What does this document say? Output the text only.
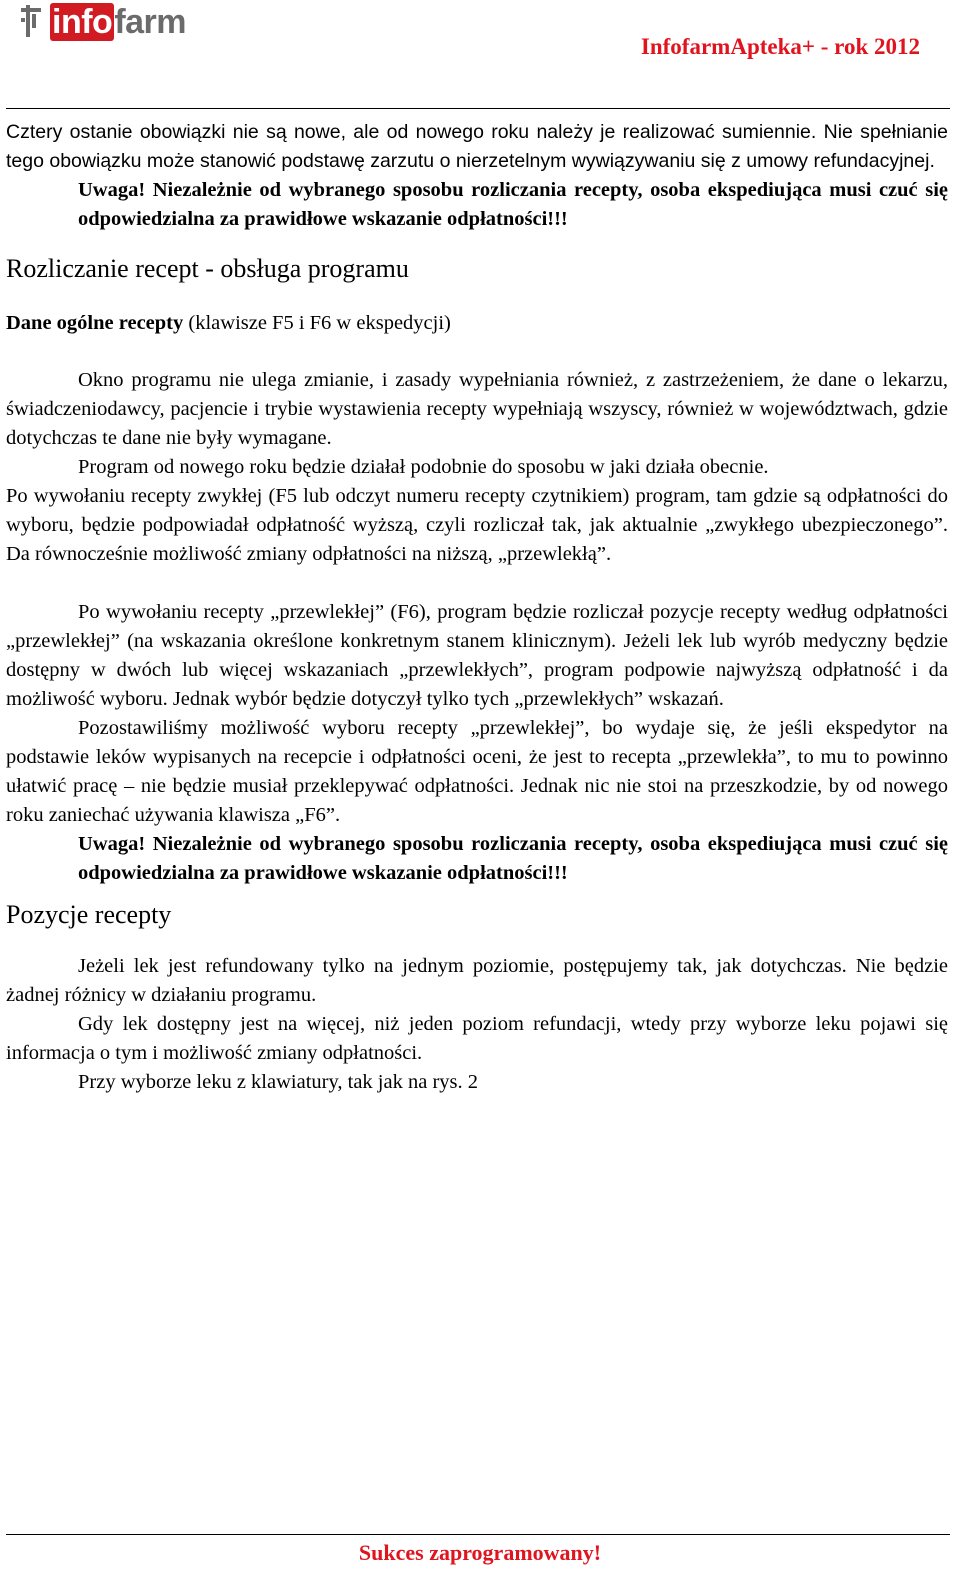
infofarm
InfofarmApteka+ - rok 2012

Cztery ostanie obowiązki nie są nowe, ale od nowego roku należy je realizować sumiennie. Nie spełnianie tego obowiązku może stanowić podstawę zarzutu o nierzetelnym wywiązywaniu się z umowy refundacyjnej.

Uwaga! Niezależnie od wybranego sposobu rozliczania recepty, osoba ekspediująca musi czuć się odpowiedzialna za prawidłowe wskazanie odpłatności!!!

Rozliczanie recept - obsługa programu

Dane ogólne recepty (klawisze F5 i F6 w ekspedycji)

Okno programu nie ulega zmianie, i zasady wypełniania również, z zastrzeżeniem, że dane o lekarzu, świadczeniodawcy, pacjencie i trybie wystawienia recepty wypełniają wszyscy, również w województwach, gdzie dotychczas te dane nie były wymagane.

Program od nowego roku będzie działał podobnie do sposobu w jaki działa obecnie.

Po wywołaniu recepty zwykłej (F5 lub odczyt numeru recepty czytnikiem) program, tam gdzie są odpłatności do wyboru, będzie podpowiadał odpłatność wyższą, czyli rozliczał tak, jak aktualnie „zwykłego ubezpieczonego”. Da równocześnie możliwość zmiany odpłatności na niższą, „przewlekłą”.

Po wywołaniu recepty „przewlekłej” (F6), program będzie rozliczał pozycje recepty według odpłatności „przewlekłej” (na wskazania określone konkretnym stanem klinicznym). Jeżeli lek lub wyrób medyczny będzie dostępny w dwóch lub więcej wskazaniach „przewlekłych”, program podpowie najwyższą odpłatność i da możliwość wyboru. Jednak wybór będzie dotyczył tylko tych „przewlekłych” wskazań.

Pozostawiliśmy możliwość wyboru recepty „przewlekłej”, bo wydaje się, że jeśli ekspedytor na podstawie leków wypisanych na recepcie i odpłatności oceni, że jest to recepta „przewlekła”, to mu to powinno ułatwić pracę – nie będzie musiał przeklepywać odpłatności. Jednak nic nie stoi na przeszkodzie, by od nowego roku zaniechać używania klawisza „F6”.

Uwaga! Niezależnie od wybranego sposobu rozliczania recepty, osoba ekspediująca musi czuć się odpowiedzialna za prawidłowe wskazanie odpłatności!!!

Pozycje recepty

Jeżeli lek jest refundowany tylko na jednym poziomie, postępujemy tak, jak dotychczas. Nie będzie żadnej różnicy w działaniu programu.

Gdy lek dostępny jest na więcej, niż jeden poziom refundacji, wtedy przy wyborze leku pojawi się informacja o tym i możliwość zmiany odpłatności.

Przy wyborze leku z klawiatury, tak jak na rys. 2

Sukces zaprogramowany!
